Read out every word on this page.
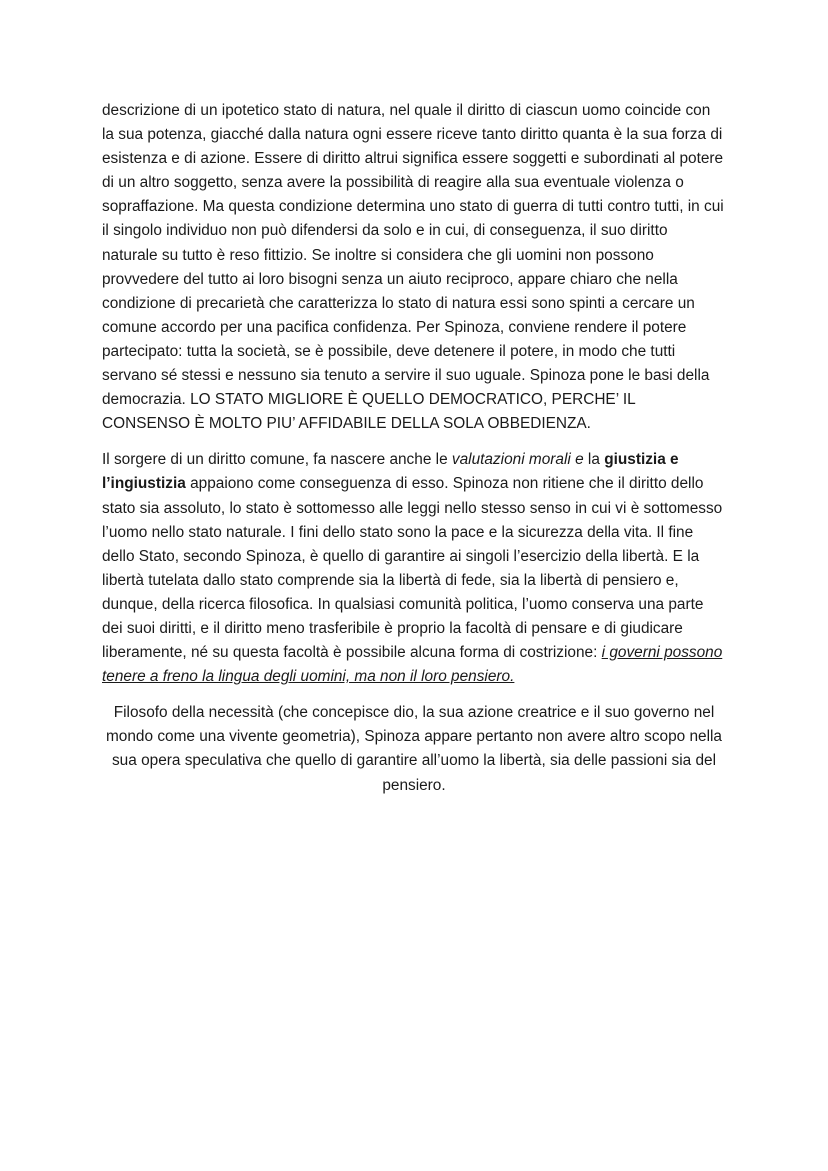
descrizione di un ipotetico stato di natura, nel quale il diritto di ciascun uomo coincide con la sua potenza, giacché dalla natura ogni essere riceve tanto diritto quanta è la sua forza di esistenza e di azione. Essere di diritto altrui significa essere soggetti e subordinati al potere di un altro soggetto, senza avere la possibilità di reagire alla sua eventuale violenza o sopraffazione. Ma questa condizione determina uno stato di guerra di tutti contro tutti, in cui il singolo individuo non può difendersi da solo e in cui, di conseguenza, il suo diritto naturale su tutto è reso fittizio. Se inoltre si considera che gli uomini non possono provvedere del tutto ai loro bisogni senza un aiuto reciproco, appare chiaro che nella condizione di precarietà che caratterizza lo stato di natura essi sono spinti a cercare un comune accordo per una pacifica confidenza. Per Spinoza, conviene rendere il potere partecipato: tutta la società, se è possibile, deve detenere il potere, in modo che tutti servano sé stessi e nessuno sia tenuto a servire il suo uguale. Spinoza pone le basi della democrazia. LO STATO MIGLIORE È QUELLO DEMOCRATICO, PERCHE’ IL CONSENSO È MOLTO PIU’ AFFIDABILE DELLA SOLA OBBEDIENZA.

Il sorgere di un diritto comune, fa nascere anche le valutazioni morali e la giustizia e l’ingiustizia appaiono come conseguenza di esso. Spinoza non ritiene che il diritto dello stato sia assoluto, lo stato è sottomesso alle leggi nello stesso senso in cui vi è sottomesso l’uomo nello stato naturale. I fini dello stato sono la pace e la sicurezza della vita. Il fine dello Stato, secondo Spinoza, è quello di garantire ai singoli l’esercizio della libertà. E la libertà tutelata dallo stato comprende sia la libertà di fede, sia la libertà di pensiero e, dunque, della ricerca filosofica. In qualsiasi comunità politica, l’uomo conserva una parte dei suoi diritti, e il diritto meno trasferibile è proprio la facoltà di pensare e di giudicare liberamente, né su questa facoltà è possibile alcuna forma di costrizione: i governi possono tenere a freno la lingua degli uomini, ma non il loro pensiero.

Filosofo della necessità (che concepisce dio, la sua azione creatrice e il suo governo nel mondo come una vivente geometria), Spinoza appare pertanto non avere altro scopo nella sua opera speculativa che quello di garantire all’uomo la libertà, sia delle passioni sia del pensiero.
